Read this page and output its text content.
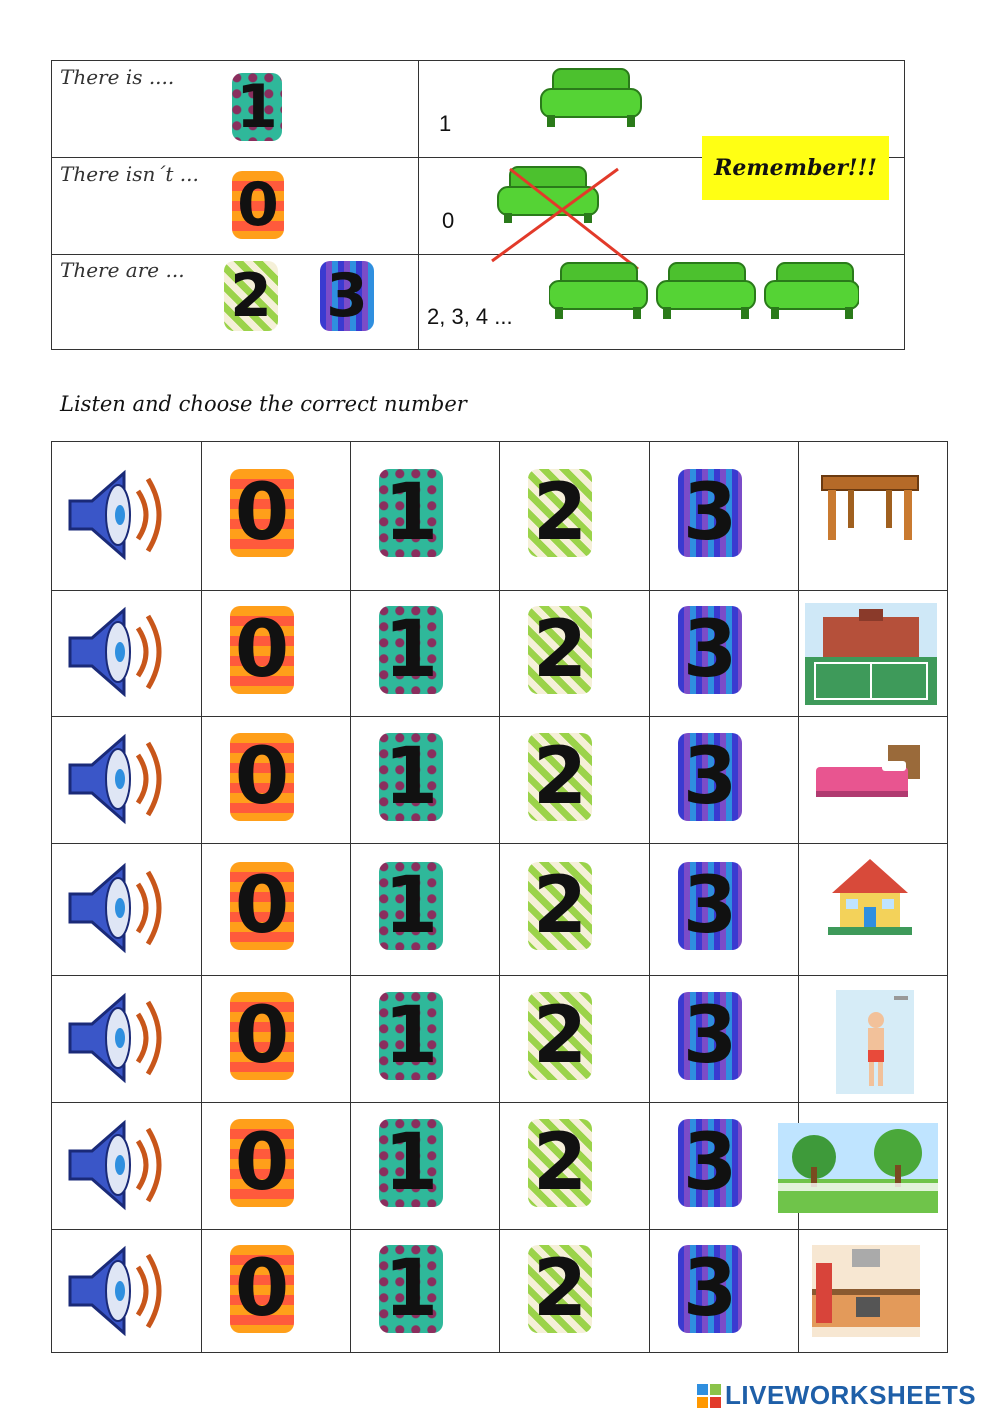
There is .... 1	1
There isn´t ... 0	0
There are ... 2 3	2, 3, 4 ...
Remember!!!
Listen and choose the correct number
0 1 2 3
0 1 2 3
0 1 2 3
0 1 2 3
0 1 2 3
0 1 2 3
0 1 2 3
LIVEWORKSHEETS
